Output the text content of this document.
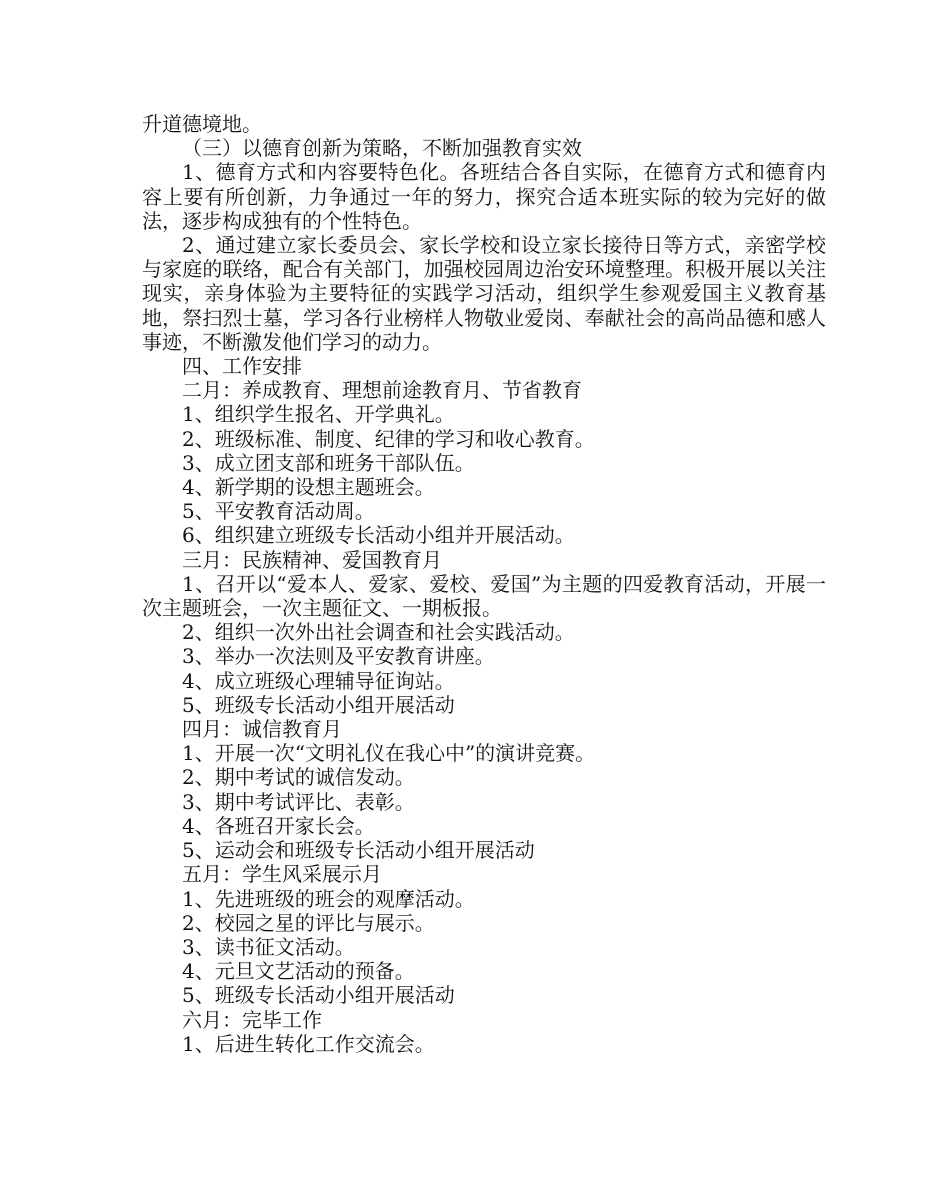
升道德境地。

（三）以德育创新为策略，不断加强教育实效

1、德育方式和内容要特色化。各班结合各自实际，在德育方式和德育内容上要有所创新，力争通过一年的努力，探究合适本班实际的较为完好的做法，逐步构成独有的个性特色。

2、通过建立家长委员会、家长学校和设立家长接待日等方式，亲密学校与家庭的联络，配合有关部门，加强校园周边治安环境整理。积极开展以关注现实，亲身体验为主要特征的实践学习活动，组织学生参观爱国主义教育基地，祭扫烈士墓，学习各行业榜样人物敬业爱岗、奉献社会的高尚品德和感人事迹，不断激发他们学习的动力。

四、工作安排

二月：养成教育、理想前途教育月、节省教育

1、组织学生报名、开学典礼。

2、班级标准、制度、纪律的学习和收心教育。

3、成立团支部和班务干部队伍。

4、新学期的设想主题班会。

5、平安教育活动周。

6、组织建立班级专长活动小组并开展活动。

三月：民族精神、爱国教育月

1、召开以“爱本人、爱家、爱校、爱国”为主题的四爱教育活动，开展一次主题班会，一次主题征文、一期板报。

2、组织一次外出社会调查和社会实践活动。

3、举办一次法则及平安教育讲座。

4、成立班级心理辅导征询站。

5、班级专长活动小组开展活动

四月：诚信教育月

1、开展一次“文明礼仪在我心中”的演讲竞赛。

2、期中考试的诚信发动。

3、期中考试评比、表彰。

4、各班召开家长会。

5、运动会和班级专长活动小组开展活动

五月：学生风采展示月

1、先进班级的班会的观摩活动。

2、校园之星的评比与展示。

3、读书征文活动。

4、元旦文艺活动的预备。

5、班级专长活动小组开展活动

六月：完毕工作

1、后进生转化工作交流会。
